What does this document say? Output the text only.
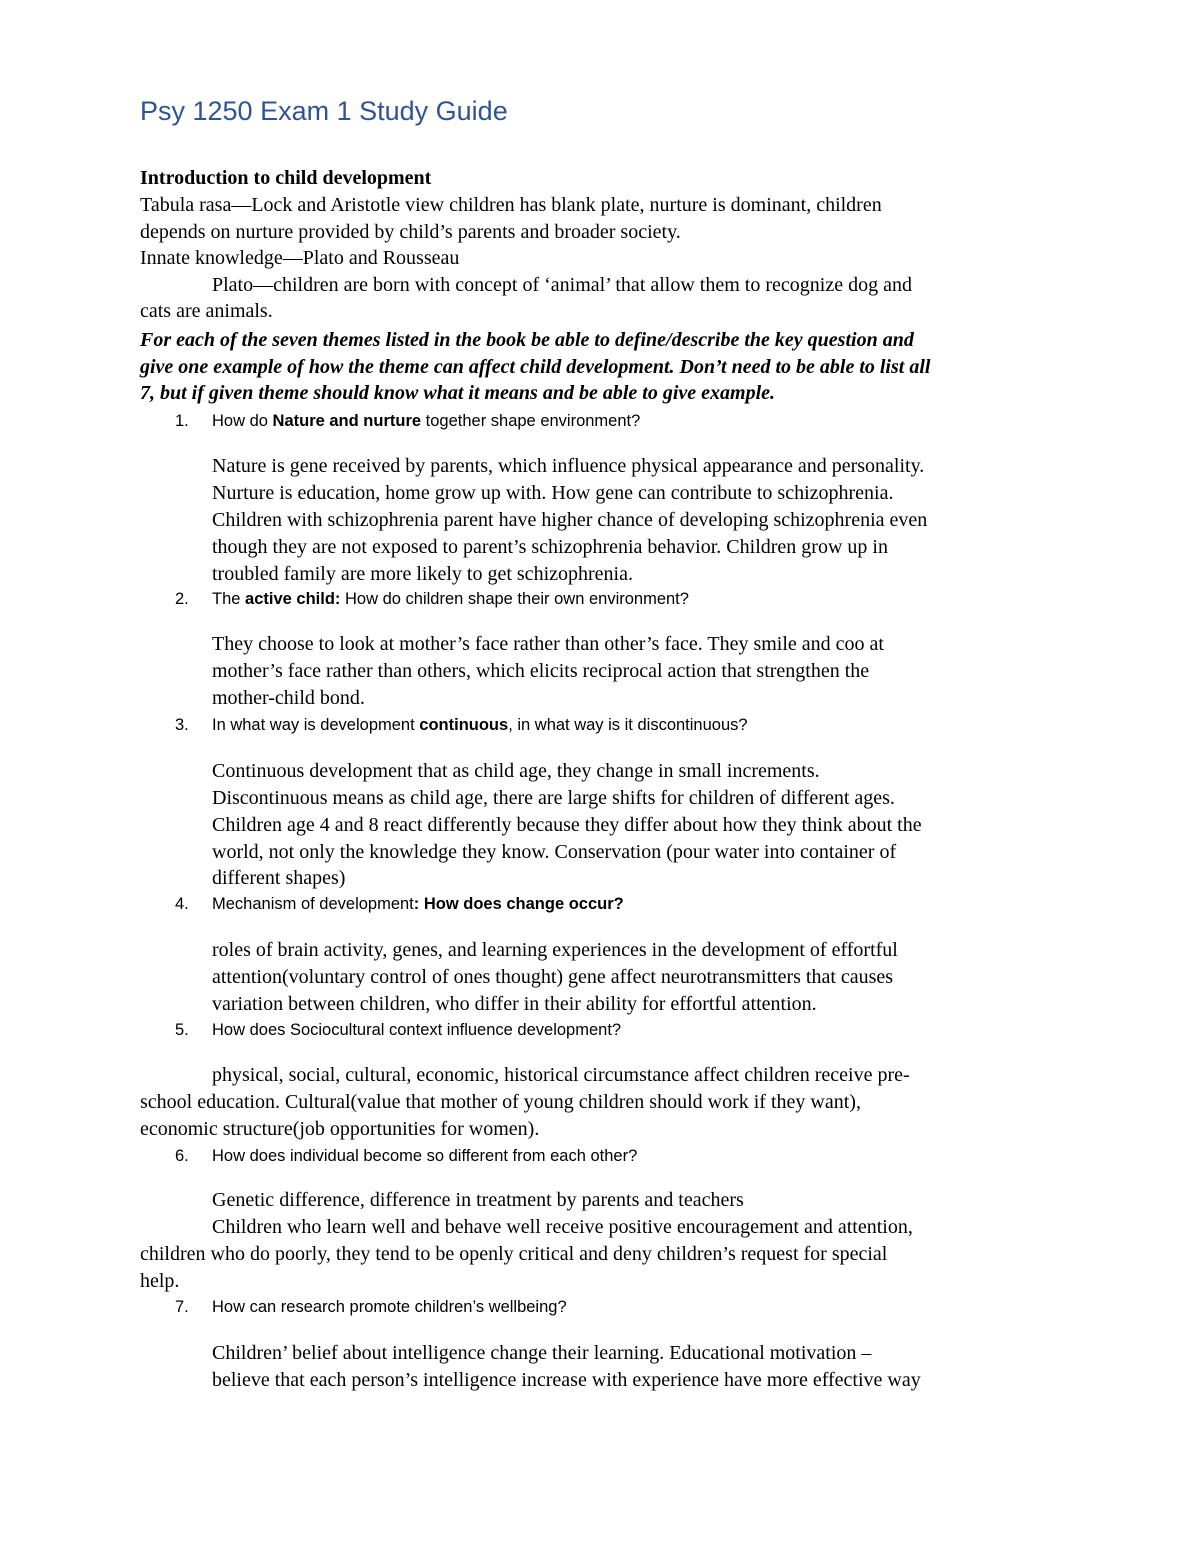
Psy 1250 Exam 1 Study Guide
Introduction to child development
Tabula rasa—Lock and Aristotle view children has blank plate, nurture is dominant, children
depends on nurture provided by child’s parents and broader society.
Innate knowledge—Plato and Rousseau
Plato—children are born with concept of ‘animal’ that allow them to recognize dog and
cats are animals.
For each of the seven themes listed in the book be able to define/describe the key question and
give one example of how the theme can affect child development. Don’t need to be able to list all
7, but if given theme should know what it means and be able to give example.
1. How do Nature and nurture together shape environment?
Nature is gene received by parents, which influence physical appearance and personality.
Nurture is education, home grow up with. How gene can contribute to schizophrenia.
Children with schizophrenia parent have higher chance of developing schizophrenia even
though they are not exposed to parent’s schizophrenia behavior. Children grow up in
troubled family are more likely to get schizophrenia.
2. The active child: How do children shape their own environment?
They choose to look at mother’s face rather than other’s face. They smile and coo at
mother’s face rather than others, which elicits reciprocal action that strengthen the
mother-child bond.
3. In what way is development continuous, in what way is it discontinuous?
Continuous development that as child age, they change in small increments.
Discontinuous means as child age, there are large shifts for children of different ages.
Children age 4 and 8 react differently because they differ about how they think about the
world, not only the knowledge they know. Conservation (pour water into container of
different shapes)
4. Mechanism of development: How does change occur?
roles of brain activity, genes, and learning experiences in the development of effortful
attention(voluntary control of ones thought) gene affect neurotransmitters that causes
variation between children, who differ in their ability for effortful attention.
5. How does Sociocultural context influence development?
physical, social, cultural, economic, historical circumstance affect children receive pre-
school education. Cultural(value that mother of young children should work if they want),
economic structure(job opportunities for women).
6. How does individual become so different from each other?
Genetic difference, difference in treatment by parents and teachers
Children who learn well and behave well receive positive encouragement and attention,
children who do poorly, they tend to be openly critical and deny children’s request for special
help.
7. How can research promote children’s wellbeing?
Children’ belief about intelligence change their learning. Educational motivation –
believe that each person’s intelligence increase with experience have more effective way
